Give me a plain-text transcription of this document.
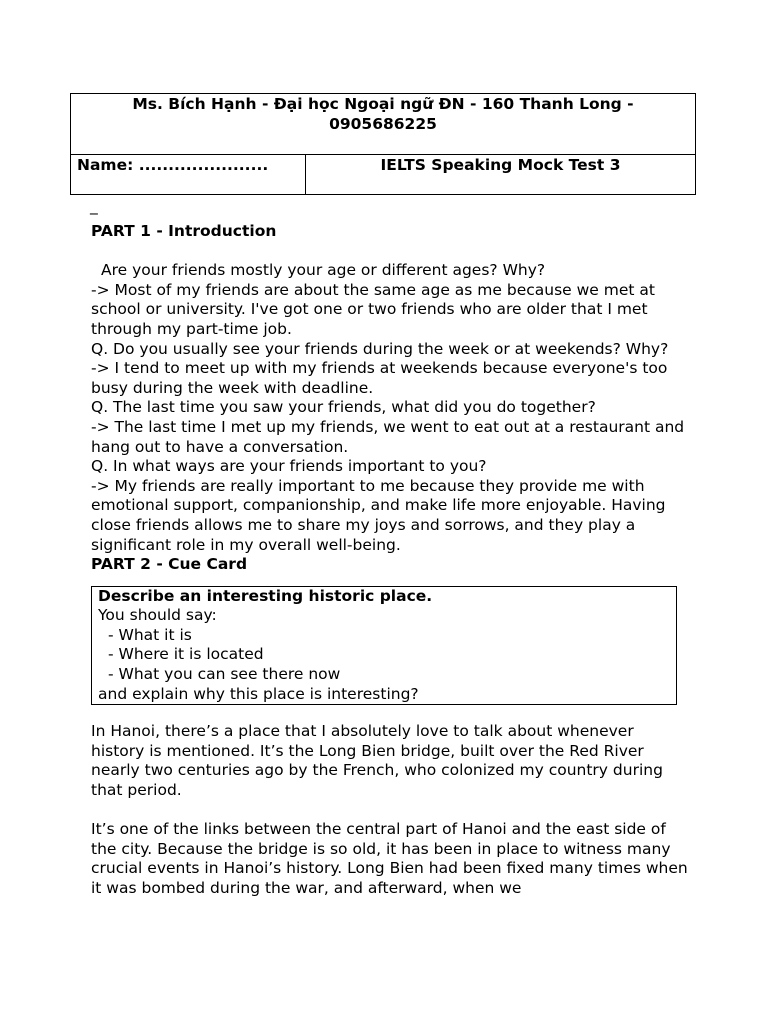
Ms. Bích Hạnh - Đại học Ngoại ngữ ĐN - 160 Thanh Long - 0905686225
Name: ......................	IELTS Speaking Mock Test 3
_

PART 1 - Introduction

Are your friends mostly your age or different ages? Why?

-> Most of my friends are about the same age as me because we met at school or university. I've got one or two friends who are older that I met through my part-time job.

Q. Do you usually see your friends during the week or at weekends? Why?

-> I tend to meet up with my friends at weekends because everyone's too busy during the week with deadline.

Q. The last time you saw your friends, what did you do together?

-> The last time I met up my friends, we went to eat out at a restaurant and hang out to have a conversation.

Q. In what ways are your friends important to you?

-> My friends are really important to me because they provide me with emotional support, companionship, and make life more enjoyable. Having close friends allows me to share my joys and sorrows, and they play a significant role in my overall well-being.

PART 2 - Cue Card

Describe an interesting historic place.

You should say:

- What it is

- Where it is located

- What you can see there now

and explain why this place is interesting?

In Hanoi, there’s a place that I absolutely love to talk about whenever history is mentioned. It’s the Long Bien bridge, built over the Red River nearly two centuries ago by the French, who colonized my country during that period.

It’s one of the links between the central part of Hanoi and the east side of the city. Because the bridge is so old, it has been in place to witness many crucial events in Hanoi’s history. Long Bien had been fixed many times when it was bombed during the war, and afterward, when we
